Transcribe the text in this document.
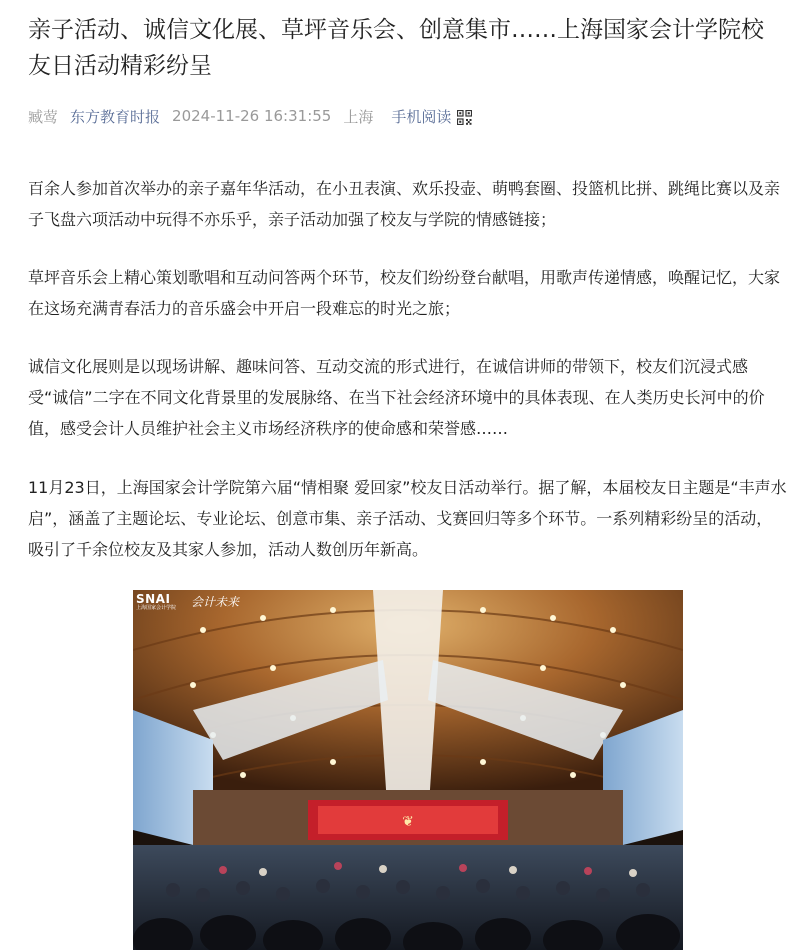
亲子活动、诚信文化展、草坪音乐会、创意集市……上海国家会计学院校友日活动精彩纷呈
臧莺 东方教育时报 2024-11-26 16:31:55 上海 手机阅读

百余人参加首次举办的亲子嘉年华活动，在小丑表演、欢乐投壶、萌鸭套圈、投篮机比拼、跳绳比赛以及亲子飞盘六项活动中玩得不亦乐乎，亲子活动加强了校友与学院的情感链接；

草坪音乐会上精心策划歌唱和互动问答两个环节，校友们纷纷登台献唱，用歌声传递情感，唤醒记忆，大家在这场充满青春活力的音乐盛会中开启一段难忘的时光之旅；

诚信文化展则是以现场讲解、趣味问答、互动交流的形式进行，在诚信讲师的带领下，校友们沉浸式感受“诚信”二字在不同文化背景里的发展脉络、在当下社会经济环境中的具体表现、在人类历史长河中的价值，感受会计人员维护社会主义市场经济秩序的使命感和荣誉感……

11月23日，上海国家会计学院第六届“情相聚 爱回家”校友日活动举行。据了解，本届校友日主题是“丰声水启”，涵盖了主题论坛、专业论坛、创意市集、亲子活动、戈赛回归等多个环节。一系列精彩纷呈的活动，吸引了千余位校友及其家人参加，活动人数创历年新高。

❦
SNAI
上海国家会计学院 会计未来
